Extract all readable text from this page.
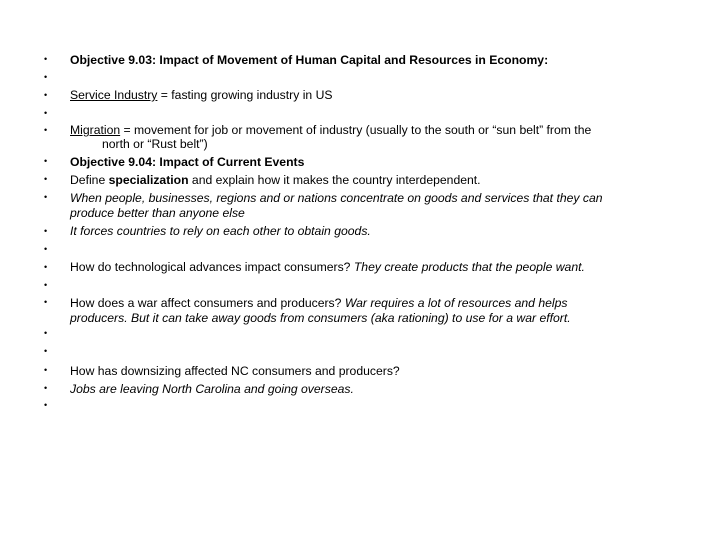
•
•
•
•
•
•
•
•
•
•
•
•
•
•
•
•
•
•
Objective 9.03: Impact of Movement of Human Capital and Resources in Economy:
Service Industry = fasting growing industry in US
Migration = movement for job or movement of industry (usually to the south or “sun belt” from the
north or “Rust belt”)
Objective 9.04: Impact of Current Events
Define specialization and explain how it makes the country interdependent.
When people, businesses, regions and or nations concentrate on goods and services that they can
produce better than anyone else
It forces countries to rely on each other to obtain goods.
How do technological advances impact consumers? They create products that the people want.
How does a war affect consumers and producers? War requires a lot of resources and helps
producers. But it can take away goods from consumers (aka rationing) to use for a war effort.
How has downsizing affected NC consumers and producers?
Jobs are leaving North Carolina and going overseas.
